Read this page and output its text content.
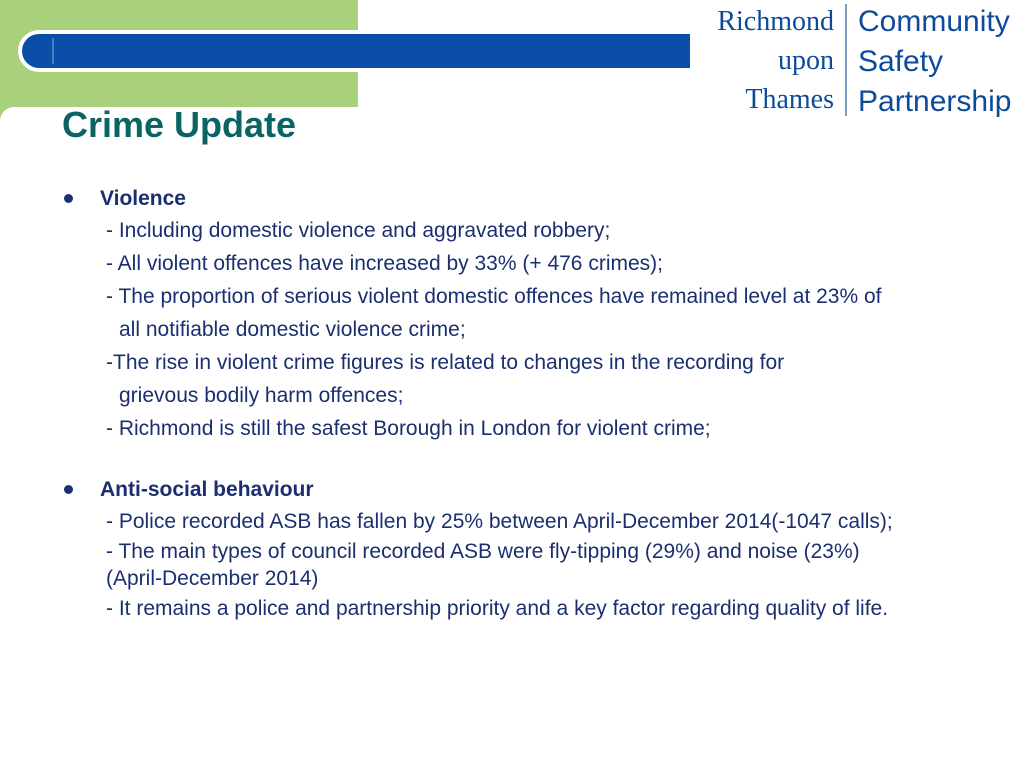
Richmond
upon
Thames
Community
Safety
Partnership
Crime Update
Violence
- Including domestic violence and aggravated robbery;
- All violent offences have increased by 33% (+ 476 crimes);
- The proportion of serious violent domestic offences have remained level at 23% of
all notifiable domestic violence crime;
-The rise in violent crime figures is related to changes in the recording for
grievous bodily harm offences;
- Richmond is still the safest Borough in London for violent crime;
Anti-social behaviour
- Police recorded ASB has fallen by 25% between April-December 2014(-1047 calls);
- The main types of council recorded ASB were fly-tipping (29%) and noise (23%)
(April-December 2014)
- It remains a police and partnership priority and a key factor regarding quality of life.
